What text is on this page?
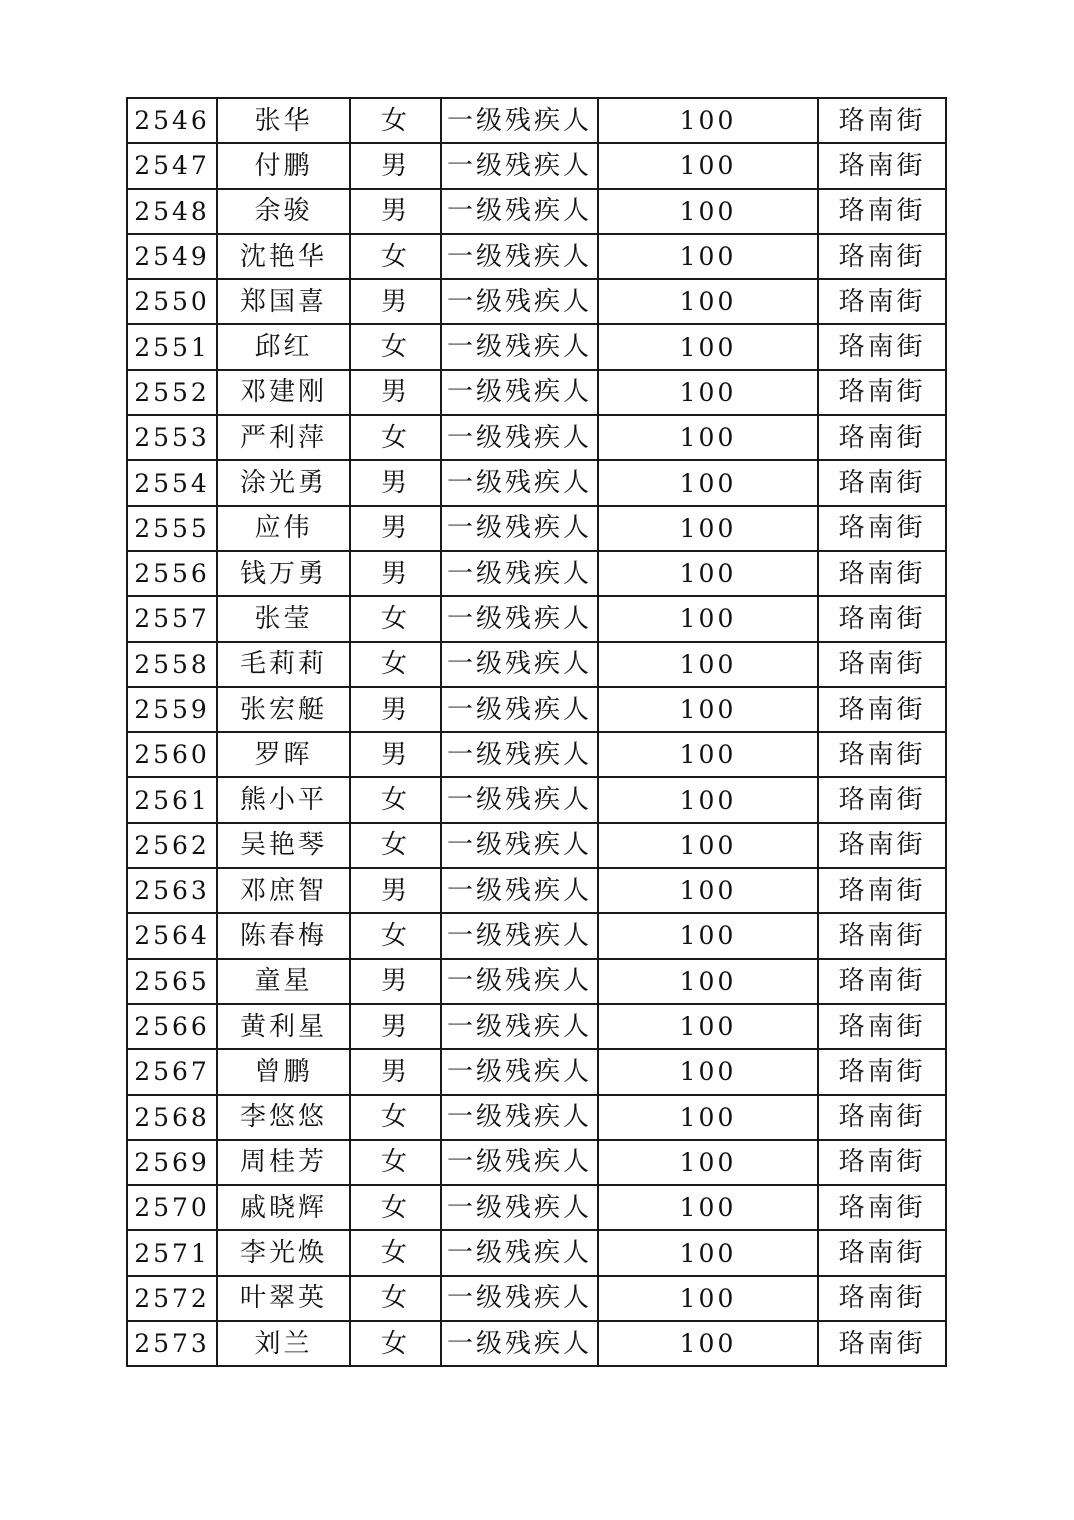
2546	张华	女	一级残疾人	100	珞南街
2547	付鹏	男	一级残疾人	100	珞南街
2548	余骏	男	一级残疾人	100	珞南街
2549	沈艳华	女	一级残疾人	100	珞南街
2550	郑国喜	男	一级残疾人	100	珞南街
2551	邱红	女	一级残疾人	100	珞南街
2552	邓建刚	男	一级残疾人	100	珞南街
2553	严利萍	女	一级残疾人	100	珞南街
2554	涂光勇	男	一级残疾人	100	珞南街
2555	应伟	男	一级残疾人	100	珞南街
2556	钱万勇	男	一级残疾人	100	珞南街
2557	张莹	女	一级残疾人	100	珞南街
2558	毛莉莉	女	一级残疾人	100	珞南街
2559	张宏艇	男	一级残疾人	100	珞南街
2560	罗晖	男	一级残疾人	100	珞南街
2561	熊小平	女	一级残疾人	100	珞南街
2562	吴艳琴	女	一级残疾人	100	珞南街
2563	邓庶智	男	一级残疾人	100	珞南街
2564	陈春梅	女	一级残疾人	100	珞南街
2565	童星	男	一级残疾人	100	珞南街
2566	黄利星	男	一级残疾人	100	珞南街
2567	曾鹏	男	一级残疾人	100	珞南街
2568	李悠悠	女	一级残疾人	100	珞南街
2569	周桂芳	女	一级残疾人	100	珞南街
2570	戚晓辉	女	一级残疾人	100	珞南街
2571	李光焕	女	一级残疾人	100	珞南街
2572	叶翠英	女	一级残疾人	100	珞南街
2573	刘兰	女	一级残疾人	100	珞南街
